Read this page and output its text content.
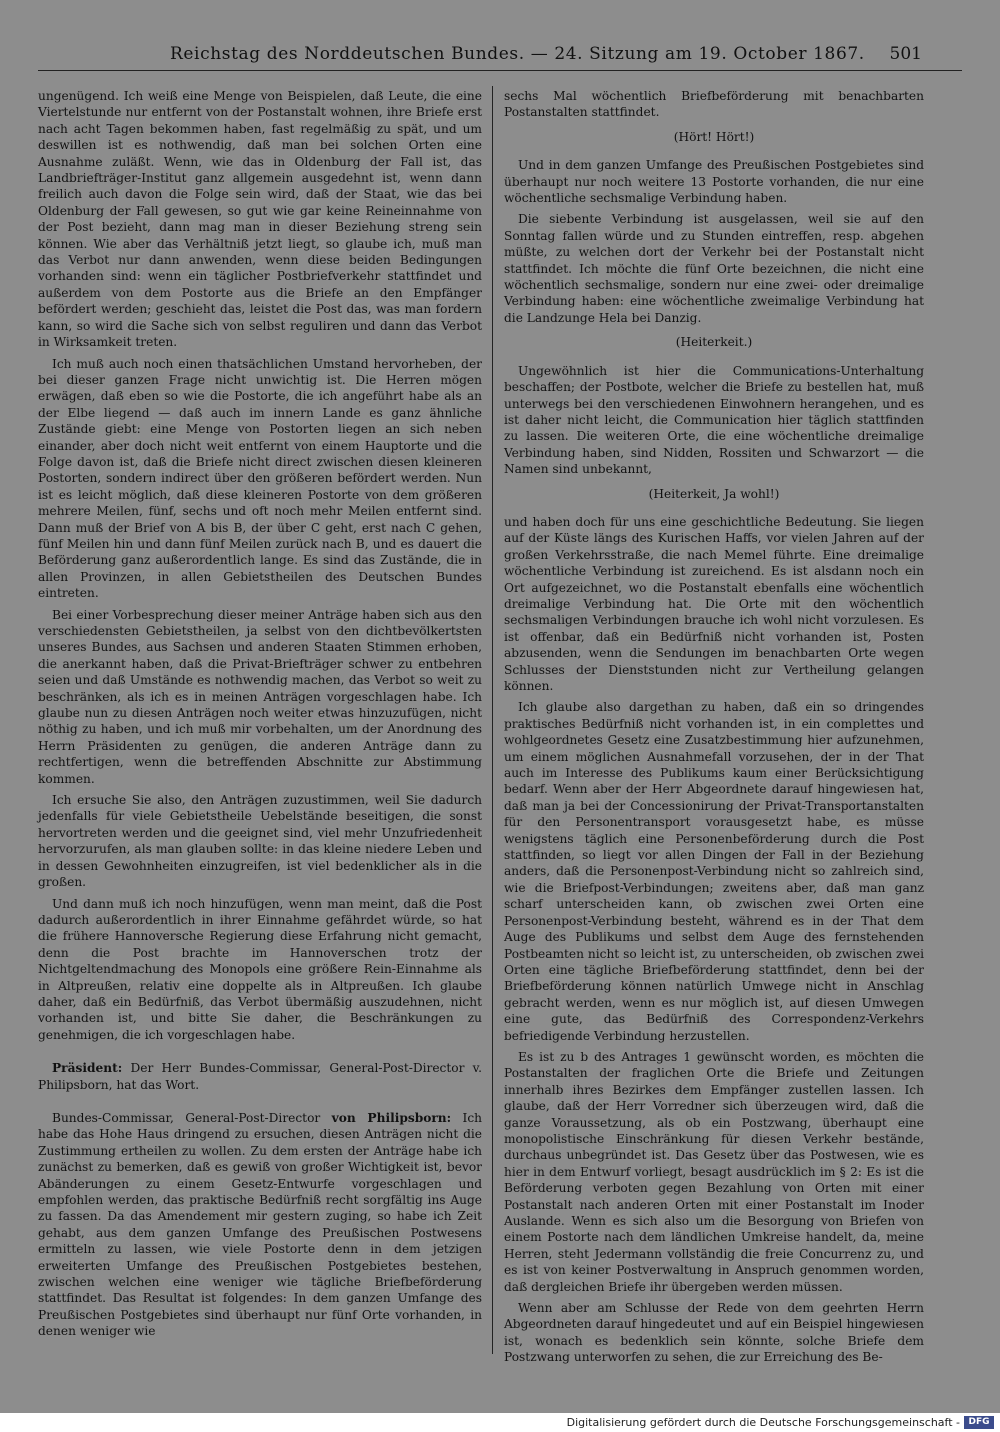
Reichstag des Norddeutschen Bundes. — 24. Sitzung am 19. October 1867. 501

ungenügend. Ich weiß eine Menge von Beispielen, daß Leute, die eine Viertelstunde nur entfernt von der Postanstalt wohnen, ihre Briefe erst nach acht Tagen bekommen haben, fast regelmäßig zu spät, und um deswillen ist es nothwendig, daß man bei solchen Orten eine Ausnahme zuläßt. Wenn, wie das in Oldenburg der Fall ist, das Landbriefträger-Institut ganz allgemein ausgedehnt ist, wenn dann freilich auch davon die Folge sein wird, daß der Staat, wie das bei Oldenburg der Fall gewesen, so gut wie gar keine Reineinnahme von der Post bezieht, dann mag man in dieser Beziehung streng sein können. Wie aber das Verhältniß jetzt liegt, so glaube ich, muß man das Verbot nur dann anwenden, wenn diese beiden Bedingungen vorhanden sind: wenn ein täglicher Postbriefverkehr stattfindet und außerdem von dem Postorte aus die Briefe an den Empfänger befördert werden; geschieht das, leistet die Post das, was man fordern kann, so wird die Sache sich von selbst reguliren und dann das Verbot in Wirksamkeit treten.

Ich muß auch noch einen thatsächlichen Umstand hervorheben, der bei dieser ganzen Frage nicht unwichtig ist. Die Herren mögen erwägen, daß eben so wie die Postorte, die ich angeführt habe als an der Elbe liegend — daß auch im innern Lande es ganz ähnliche Zustände giebt: eine Menge von Postorten liegen an sich neben einander, aber doch nicht weit entfernt von einem Hauptorte und die Folge davon ist, daß die Briefe nicht direct zwischen diesen kleineren Postorten, sondern indirect über den größeren befördert werden. Nun ist es leicht möglich, daß diese kleineren Postorte von dem größeren mehrere Meilen, fünf, sechs und oft noch mehr Meilen entfernt sind. Dann muß der Brief von A bis B, der über C geht, erst nach C gehen, fünf Meilen hin und dann fünf Meilen zurück nach B, und es dauert die Beförderung ganz außerordentlich lange. Es sind das Zustände, die in allen Provinzen, in allen Gebietstheilen des Deutschen Bundes eintreten.

Bei einer Vorbesprechung dieser meiner Anträge haben sich aus den verschiedensten Gebietstheilen, ja selbst von den dichtbevölkertsten unseres Bundes, aus Sachsen und anderen Staaten Stimmen erhoben, die anerkannt haben, daß die Privat-Briefträger schwer zu entbehren seien und daß Umstände es nothwendig machen, das Verbot so weit zu beschränken, als ich es in meinen Anträgen vorgeschlagen habe. Ich glaube nun zu diesen Anträgen noch weiter etwas hinzuzufügen, nicht nöthig zu haben, und ich muß mir vorbehalten, um der Anordnung des Herrn Präsidenten zu genügen, die anderen Anträge dann zu rechtfertigen, wenn die betreffenden Abschnitte zur Abstimmung kommen.

Ich ersuche Sie also, den Anträgen zuzustimmen, weil Sie dadurch jedenfalls für viele Gebietstheile Uebelstände beseitigen, die sonst hervortreten werden und die geeignet sind, viel mehr Unzufriedenheit hervorzurufen, als man glauben sollte: in das kleine niedere Leben und in dessen Gewohnheiten einzugreifen, ist viel bedenklicher als in die großen.

Und dann muß ich noch hinzufügen, wenn man meint, daß die Post dadurch außerordentlich in ihrer Einnahme gefährdet würde, so hat die frühere Hannoversche Regierung diese Erfahrung nicht gemacht, denn die Post brachte im Hannoverschen trotz der Nichtgeltendmachung des Monopols eine größere Rein-Einnahme als in Altpreußen, relativ eine doppelte als in Altpreußen. Ich glaube daher, daß ein Bedürfniß, das Verbot übermäßig auszudehnen, nicht vorhanden ist, und bitte Sie daher, die Beschränkungen zu genehmigen, die ich vorgeschlagen habe.

Präsident: Der Herr Bundes-Commissar, General-Post-Director v. Philipsborn, hat das Wort.

Bundes-Commissar, General-Post-Director von Philipsborn: Ich habe das Hohe Haus dringend zu ersuchen, diesen Anträgen nicht die Zustimmung ertheilen zu wollen. Zu dem ersten der Anträge habe ich zunächst zu bemerken, daß es gewiß von großer Wichtigkeit ist, bevor Abänderungen zu einem Gesetz-Entwurfe vorgeschlagen und empfohlen werden, das praktische Bedürfniß recht sorgfältig ins Auge zu fassen. Da das Amendement mir gestern zuging, so habe ich Zeit gehabt, aus dem ganzen Umfange des Preußischen Postwesens ermitteln zu lassen, wie viele Postorte denn in dem jetzigen erweiterten Umfange des Preußischen Postgebietes bestehen, zwischen welchen eine weniger wie tägliche Briefbeförderung stattfindet. Das Resultat ist folgendes: In dem ganzen Umfange des Preußischen Postgebietes sind überhaupt nur fünf Orte vorhanden, in denen weniger wie

sechs Mal wöchentlich Briefbeförderung mit benachbarten Postanstalten stattfindet.

(Hört! Hört!)

Und in dem ganzen Umfange des Preußischen Postgebietes sind überhaupt nur noch weitere 13 Postorte vorhanden, die nur eine wöchentliche sechsmalige Verbindung haben.

Die siebente Verbindung ist ausgelassen, weil sie auf den Sonntag fallen würde und zu Stunden eintreffen, resp. abgehen müßte, zu welchen dort der Verkehr bei der Postanstalt nicht stattfindet. Ich möchte die fünf Orte bezeichnen, die nicht eine wöchentlich sechsmalige, sondern nur eine zwei- oder dreimalige Verbindung haben: eine wöchentliche zweimalige Verbindung hat die Landzunge Hela bei Danzig.

(Heiterkeit.)

Ungewöhnlich ist hier die Communications-Unterhaltung beschaffen; der Postbote, welcher die Briefe zu bestellen hat, muß unterwegs bei den verschiedenen Einwohnern herangehen, und es ist daher nicht leicht, die Communication hier täglich stattfinden zu lassen. Die weiteren Orte, die eine wöchentliche dreimalige Verbindung haben, sind Nidden, Rossiten und Schwarzort — die Namen sind unbekannt,

(Heiterkeit, Ja wohl!)

und haben doch für uns eine geschichtliche Bedeutung. Sie liegen auf der Küste längs des Kurischen Haffs, vor vielen Jahren auf der großen Verkehrsstraße, die nach Memel führte. Eine dreimalige wöchentliche Verbindung ist zureichend. Es ist alsdann noch ein Ort aufgezeichnet, wo die Postanstalt ebenfalls eine wöchentlich dreimalige Verbindung hat. Die Orte mit den wöchentlich sechsmaligen Verbindungen brauche ich wohl nicht vorzulesen. Es ist offenbar, daß ein Bedürfniß nicht vorhanden ist, Posten abzusenden, wenn die Sendungen im benachbarten Orte wegen Schlusses der Dienststunden nicht zur Vertheilung gelangen können.

Ich glaube also dargethan zu haben, daß ein so dringendes praktisches Bedürfniß nicht vorhanden ist, in ein complettes und wohlgeordnetes Gesetz eine Zusatzbestimmung hier aufzunehmen, um einem möglichen Ausnahmefall vorzusehen, der in der That auch im Interesse des Publikums kaum einer Berücksichtigung bedarf. Wenn aber der Herr Abgeordnete darauf hingewiesen hat, daß man ja bei der Concessionirung der Privat-Transportanstalten für den Personentransport vorausgesetzt habe, es müsse wenigstens täglich eine Personenbeförderung durch die Post stattfinden, so liegt vor allen Dingen der Fall in der Beziehung anders, daß die Personenpost-Verbindung nicht so zahlreich sind, wie die Briefpost-Verbindungen; zweitens aber, daß man ganz scharf unterscheiden kann, ob zwischen zwei Orten eine Personenpost-Verbindung besteht, während es in der That dem Auge des Publikums und selbst dem Auge des fernstehenden Postbeamten nicht so leicht ist, zu unterscheiden, ob zwischen zwei Orten eine tägliche Briefbeförderung stattfindet, denn bei der Briefbeförderung können natürlich Umwege nicht in Anschlag gebracht werden, wenn es nur möglich ist, auf diesen Umwegen eine gute, das Bedürfniß des Correspondenz-Verkehrs befriedigende Verbindung herzustellen.

Es ist zu b des Antrages 1 gewünscht worden, es möchten die Postanstalten der fraglichen Orte die Briefe und Zeitungen innerhalb ihres Bezirkes dem Empfänger zustellen lassen. Ich glaube, daß der Herr Vorredner sich überzeugen wird, daß die ganze Voraussetzung, als ob ein Postzwang, überhaupt eine monopolistische Einschränkung für diesen Verkehr bestände, durchaus unbegründet ist. Das Gesetz über das Postwesen, wie es hier in dem Entwurf vorliegt, besagt ausdrücklich im § 2: Es ist die Beförderung verboten gegen Bezahlung von Orten mit einer Postanstalt nach anderen Orten mit einer Postanstalt im Inoder Auslande. Wenn es sich also um die Besorgung von Briefen von einem Postorte nach dem ländlichen Umkreise handelt, da, meine Herren, steht Jedermann vollständig die freie Concurrenz zu, und es ist von keiner Postverwaltung in Anspruch genommen worden, daß dergleichen Briefe ihr übergeben werden müssen.

Wenn aber am Schlusse der Rede von dem geehrten Herrn Abgeordneten darauf hingedeutet und auf ein Beispiel hingewiesen ist, wonach es bedenklich sein könnte, solche Briefe dem Postzwang unterworfen zu sehen, die zur Erreichung des Be-

Digitalisierung gefördert durch die Deutsche Forschungsgemeinschaft - DFG
